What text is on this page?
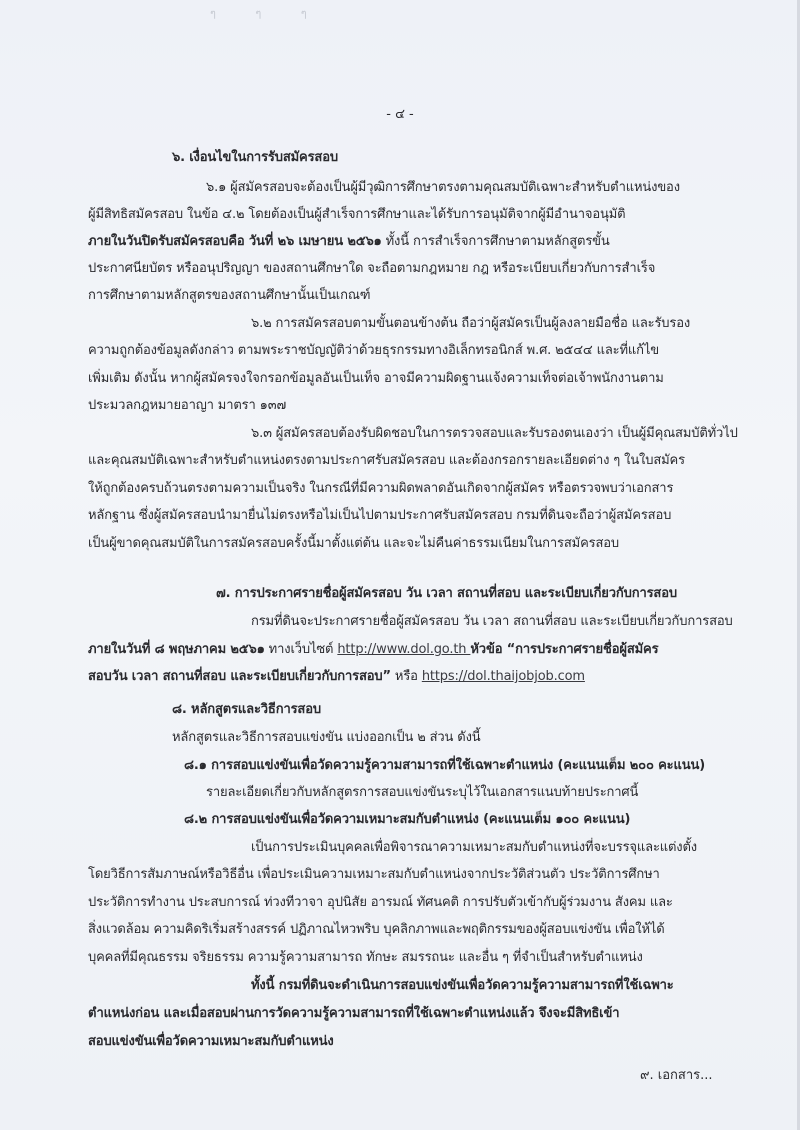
ๆ ๆ ๆ
- ๔ -
๖. เงื่อนไขในการรับสมัครสอบ
๖.๑ ผู้สมัครสอบจะต้องเป็นผู้มีวุฒิการศึกษาตรงตามคุณสมบัติเฉพาะสำหรับตำแหน่งของ
ผู้มีสิทธิสมัครสอบ ในข้อ ๔.๒ โดยต้องเป็นผู้สำเร็จการศึกษาและได้รับการอนุมัติจากผู้มีอำนาจอนุมัติ
ภายในวันปิดรับสมัครสอบคือ วันที่ ๒๖ เมษายน ๒๕๖๑ ทั้งนี้ การสำเร็จการศึกษาตามหลักสูตรขั้น
ประกาศนียบัตร หรืออนุปริญญา ของสถานศึกษาใด จะถือตามกฎหมาย กฎ หรือระเบียบเกี่ยวกับการสำเร็จ
การศึกษาตามหลักสูตรของสถานศึกษานั้นเป็นเกณฑ์
๖.๒ การสมัครสอบตามขั้นตอนข้างต้น ถือว่าผู้สมัครเป็นผู้ลงลายมือชื่อ และรับรอง
ความถูกต้องข้อมูลดังกล่าว ตามพระราชบัญญัติว่าด้วยธุรกรรมทางอิเล็กทรอนิกส์ พ.ศ. ๒๕๔๔ และที่แก้ไข
เพิ่มเติม ดังนั้น หากผู้สมัครจงใจกรอกข้อมูลอันเป็นเท็จ อาจมีความผิดฐานแจ้งความเท็จต่อเจ้าพนักงานตาม
ประมวลกฎหมายอาญา มาตรา ๑๓๗
๖.๓ ผู้สมัครสอบต้องรับผิดชอบในการตรวจสอบและรับรองตนเองว่า เป็นผู้มีคุณสมบัติทั่วไป
และคุณสมบัติเฉพาะสำหรับตำแหน่งตรงตามประกาศรับสมัครสอบ และต้องกรอกรายละเอียดต่าง ๆ ในใบสมัคร
ให้ถูกต้องครบถ้วนตรงตามความเป็นจริง ในกรณีที่มีความผิดพลาดอันเกิดจากผู้สมัคร หรือตรวจพบว่าเอกสาร
หลักฐาน ซึ่งผู้สมัครสอบนำมายื่นไม่ตรงหรือไม่เป็นไปตามประกาศรับสมัครสอบ กรมที่ดินจะถือว่าผู้สมัครสอบ
เป็นผู้ขาดคุณสมบัติในการสมัครสอบครั้งนี้มาตั้งแต่ต้น และจะไม่คืนค่าธรรมเนียมในการสมัครสอบ
๗. การประกาศรายชื่อผู้สมัครสอบ วัน เวลา สถานที่สอบ และระเบียบเกี่ยวกับการสอบ
กรมที่ดินจะประกาศรายชื่อผู้สมัครสอบ วัน เวลา สถานที่สอบ และระเบียบเกี่ยวกับการสอบ
ภายในวันที่ ๘ พฤษภาคม ๒๕๖๑ ทางเว็บไซต์ http://www.dol.go.th หัวข้อ “การประกาศรายชื่อผู้สมัคร
สอบวัน เวลา สถานที่สอบ และระเบียบเกี่ยวกับการสอบ” หรือ https://dol.thaijobjob.com
๘. หลักสูตรและวิธีการสอบ
หลักสูตรและวิธีการสอบแข่งขัน แบ่งออกเป็น ๒ ส่วน ดังนี้
๘.๑ การสอบแข่งขันเพื่อวัดความรู้ความสามารถที่ใช้เฉพาะตำแหน่ง (คะแนนเต็ม ๒๐๐ คะแนน)
รายละเอียดเกี่ยวกับหลักสูตรการสอบแข่งขันระบุไว้ในเอกสารแนบท้ายประกาศนี้
๘.๒ การสอบแข่งขันเพื่อวัดความเหมาะสมกับตำแหน่ง (คะแนนเต็ม ๑๐๐ คะแนน)
เป็นการประเมินบุคคลเพื่อพิจารณาความเหมาะสมกับตำแหน่งที่จะบรรจุและแต่งตั้ง
โดยวิธีการสัมภาษณ์หรือวิธีอื่น เพื่อประเมินความเหมาะสมกับตำแหน่งจากประวัติส่วนตัว ประวัติการศึกษา
ประวัติการทำงาน ประสบการณ์ ท่วงทีวาจา อุปนิสัย อารมณ์ ทัศนคติ การปรับตัวเข้ากับผู้ร่วมงาน สังคม และ
สิ่งแวดล้อม ความคิดริเริ่มสร้างสรรค์ ปฏิภาณไหวพริบ บุคลิกภาพและพฤติกรรมของผู้สอบแข่งขัน เพื่อให้ได้
บุคคลที่มีคุณธรรม จริยธรรม ความรู้ความสามารถ ทักษะ สมรรถนะ และอื่น ๆ ที่จำเป็นสำหรับตำแหน่ง
ทั้งนี้ กรมที่ดินจะดำเนินการสอบแข่งขันเพื่อวัดความรู้ความสามารถที่ใช้เฉพาะ
ตำแหน่งก่อน และเมื่อสอบผ่านการวัดความรู้ความสามารถที่ใช้เฉพาะตำแหน่งแล้ว จึงจะมีสิทธิเข้า
สอบแข่งขันเพื่อวัดความเหมาะสมกับตำแหน่ง
๙. เอกสาร...
